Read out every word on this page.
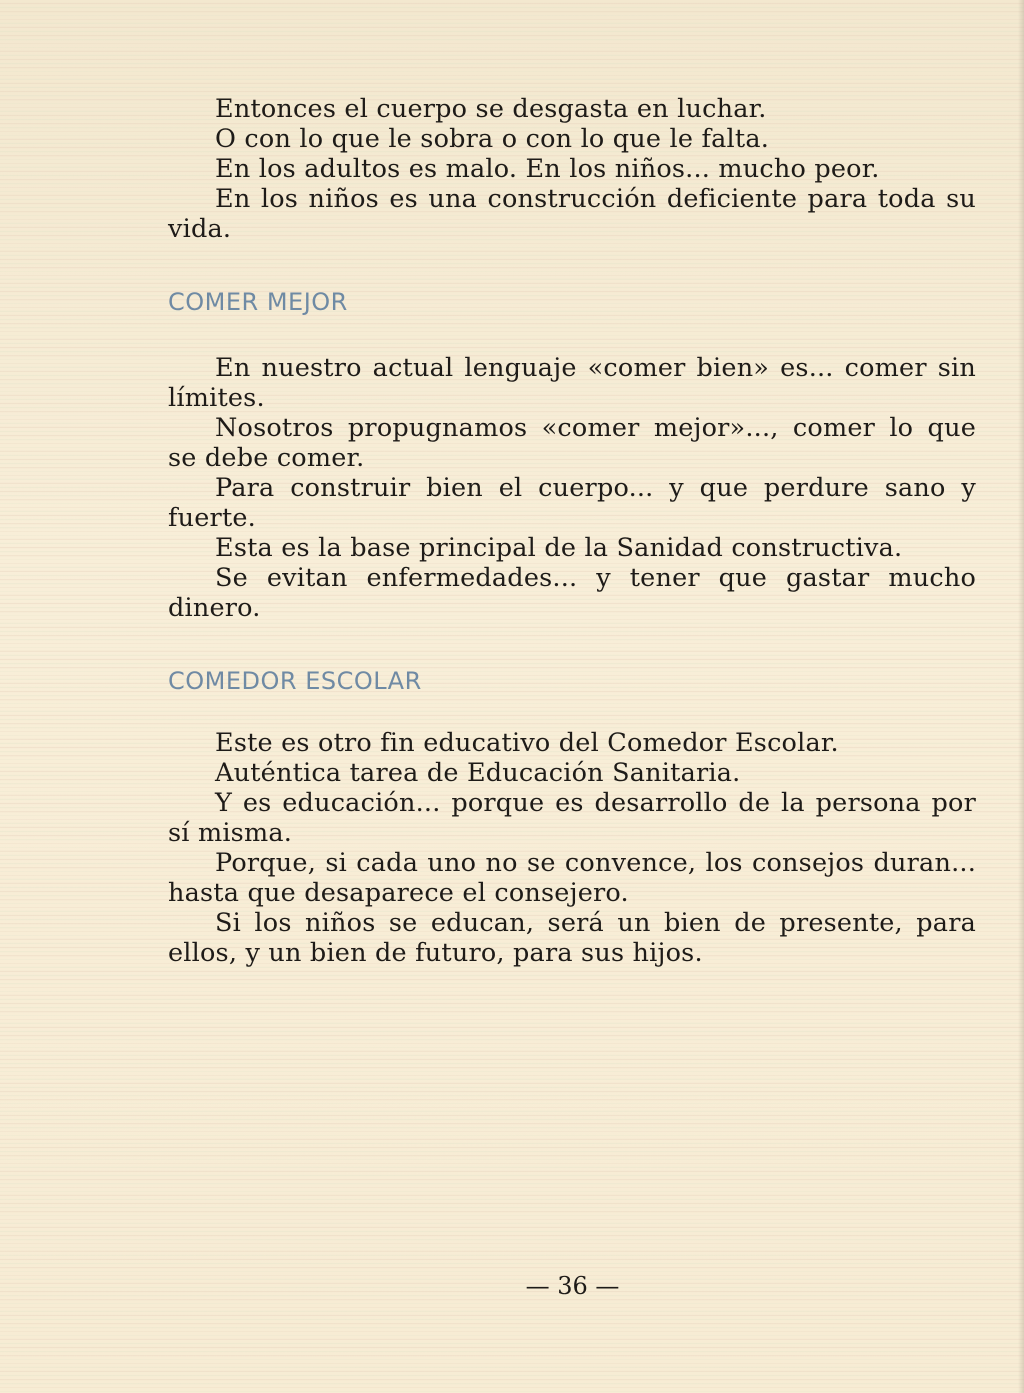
Entonces el cuerpo se desgasta en luchar.

O con lo que le sobra o con lo que le falta.

En los adultos es malo. En los niños... mucho peor.

En los niños es una construcción deficiente para toda su vida.

COMER MEJOR

En nuestro actual lenguaje «comer bien» es... comer sin límites.

Nosotros propugnamos «comer mejor»..., comer lo que se debe comer.

Para construir bien el cuerpo... y que perdure sano y fuerte.

Esta es la base principal de la Sanidad constructiva.

Se evitan enfermedades... y tener que gastar mucho dinero.

COMEDOR ESCOLAR

Este es otro fin educativo del Comedor Escolar.

Auténtica tarea de Educación Sanitaria.

Y es educación... porque es desarrollo de la persona por sí misma.

Porque, si cada uno no se convence, los consejos duran... hasta que desaparece el consejero.

Si los niños se educan, será un bien de presente, para ellos, y un bien de futuro, para sus hijos.

— 36 —
